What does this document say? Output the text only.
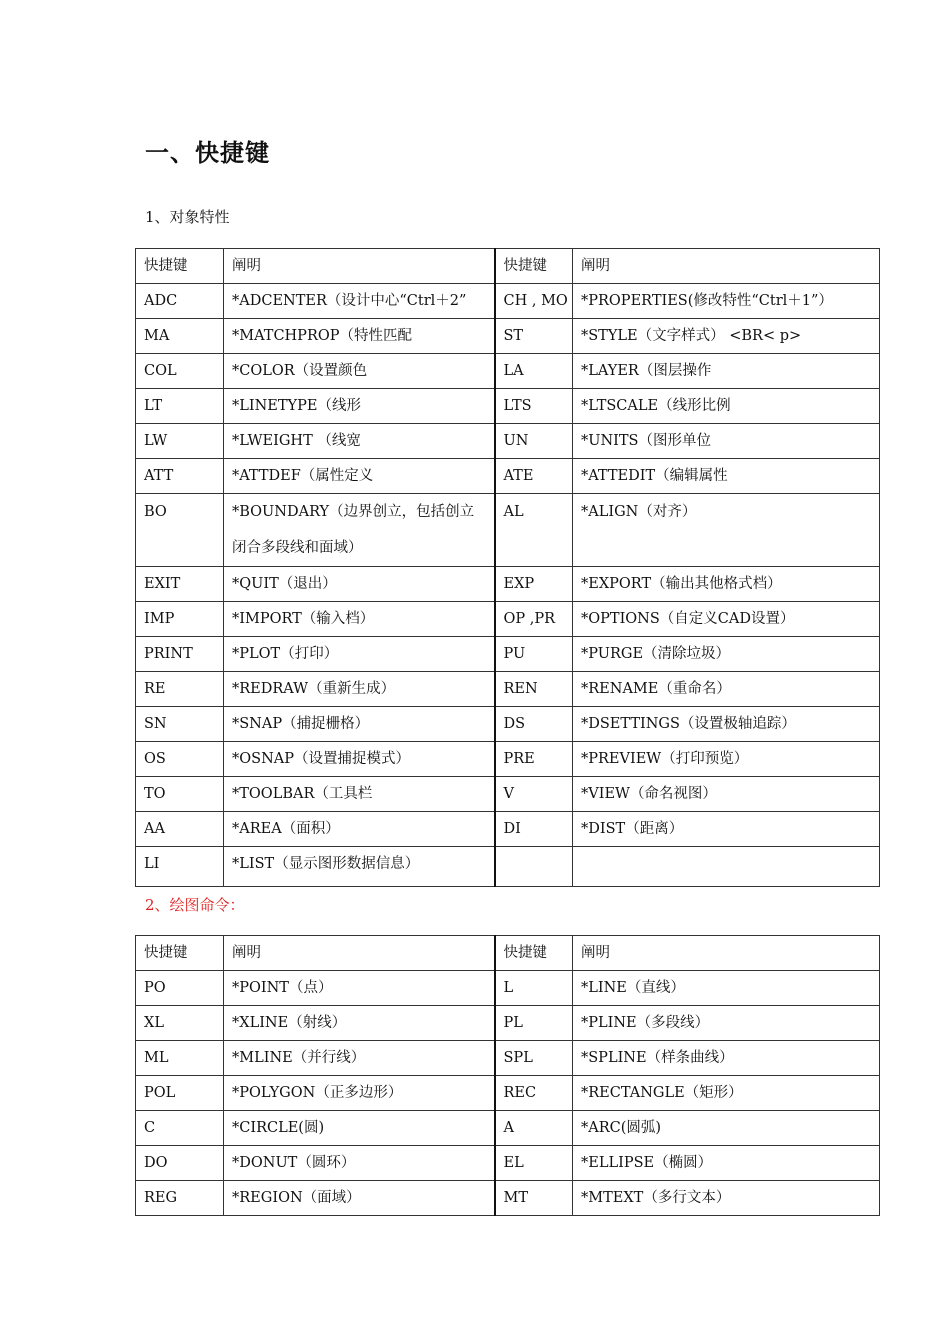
一、快捷键
1、对象特性
快捷键	阐明	快捷键	阐明
ADC	*ADCENTER（设计中心“Ctrl＋2”	CH , MO	*PROPERTIES(修改特性“Ctrl＋1”）
MA	*MATCHPROP（特性匹配	ST	*STYLE（文字样式） <BR< p>
COL	*COLOR（设置颜色	LA	*LAYER（图层操作
LT	*LINETYPE（线形	LTS	*LTSCALE（线形比例
LW	*LWEIGHT （线宽	UN	*UNITS（图形单位
ATT	*ATTDEF（属性定义	ATE	*ATTEDIT（编辑属性
BO	*BOUNDARY（边界创立，包括创立闭合多段线和面域）	AL	*ALIGN（对齐）
EXIT	*QUIT（退出）	EXP	*EXPORT（输出其他格式档）
IMP	*IMPORT（输入档）	OP ,PR	*OPTIONS（自定义CAD设置）
PRINT	*PLOT（打印）	PU	*PURGE（清除垃圾）
RE	*REDRAW（重新生成）	REN	*RENAME（重命名）
SN	*SNAP（捕捉栅格）	DS	*DSETTINGS（设置极轴追踪）
OS	*OSNAP（设置捕捉模式）	PRE	*PREVIEW（打印预览）
TO	*TOOLBAR（工具栏	V	*VIEW（命名视图）
AA	*AREA（面积）	DI	*DIST（距离）
LI	*LIST（显示图形数据信息）		
2、绘图命令：
快捷键	阐明	快捷键	阐明
PO	*POINT（点）	L	*LINE（直线）
XL	*XLINE（射线）	PL	*PLINE（多段线）
ML	*MLINE（并行线）	SPL	*SPLINE（样条曲线）
POL	*POLYGON（正多边形）	REC	*RECTANGLE（矩形）
C	*CIRCLE(圆)	A	*ARC(圆弧)
DO	*DONUT（圆环）	EL	*ELLIPSE（椭圆）
REG	*REGION（面域）	MT	*MTEXT（多行文本）
